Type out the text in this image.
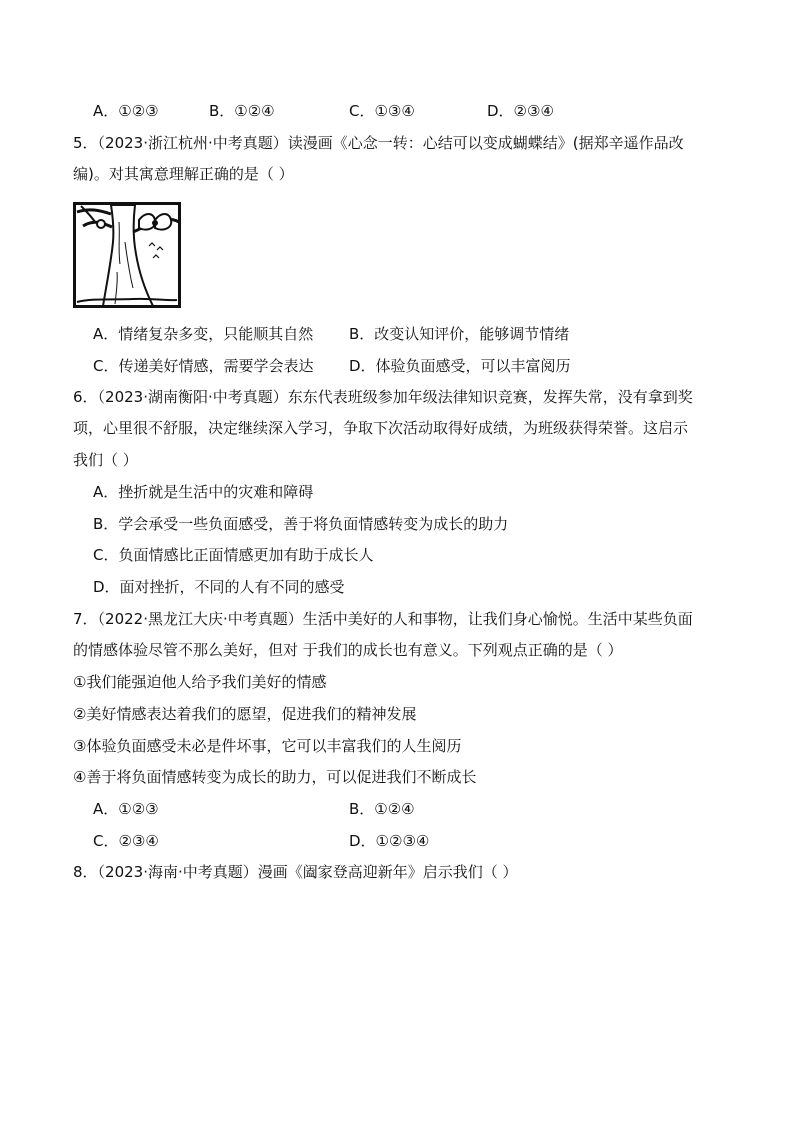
A．①②③	B．①②④	C．①③④	D．②③④
5．（2023·浙江杭州·中考真题）读漫画《心念一转：心结可以变成蝴蝶结》(据郑辛遥作品改
编)。对其寓意理解正确的是（ ）
A．情绪复杂多变，只能顺其自然 B．改变认知评价，能够调节情绪
C．传递美好情感，需要学会表达 D．体验负面感受，可以丰富阅历
6．（2023·湖南衡阳·中考真题）东东代表班级参加年级法律知识竞赛，发挥失常，没有拿到奖
项，心里很不舒服，决定继续深入学习，争取下次活动取得好成绩，为班级获得荣誉。这启示
我们（ ）
A．挫折就是生活中的灾难和障碍
B．学会承受一些负面感受，善于将负面情感转变为成长的助力
C．负面情感比正面情感更加有助于成长人
D．面对挫折，不同的人有不同的感受
7．（2022·黑龙江大庆·中考真题）生活中美好的人和事物，让我们身心愉悦。生活中某些负面
的情感体验尽管不那么美好，但对 于我们的成长也有意义。下列观点正确的是（ ）
①我们能强迫他人给予我们美好的情感
②美好情感表达着我们的愿望，促进我们的精神发展
③体验负面感受未必是件坏事，它可以丰富我们的人生阅历
④善于将负面情感转变为成长的助力，可以促进我们不断成长
A．①②③	B．①②④
C．②③④	D．①②③④
8．（2023·海南·中考真题）漫画《阖家登高迎新年》启示我们（ ）
